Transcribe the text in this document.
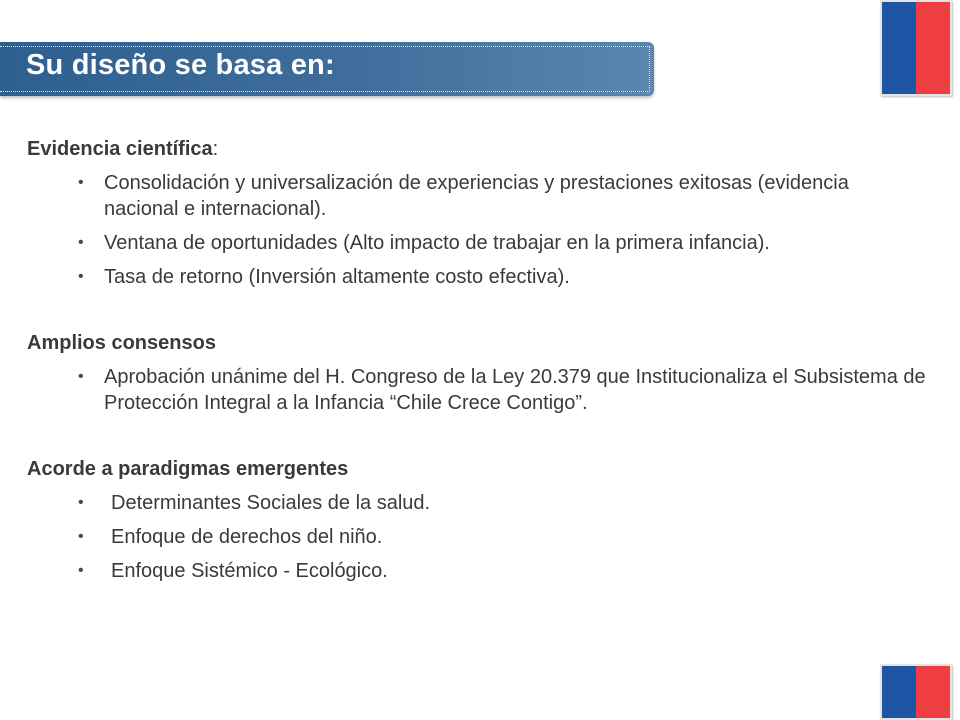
Su diseño se basa en:

Evidencia científica:

• Consolidación y universalización de experiencias y prestaciones exitosas (evidencia nacional e internacional).
• Ventana de oportunidades (Alto impacto de trabajar en la primera infancia).
• Tasa de retorno (Inversión altamente costo efectiva).

Amplios consensos

• Aprobación unánime del H. Congreso de la Ley 20.379 que Institucionaliza el Subsistema de Protección Integral a la Infancia “Chile Crece Contigo”.

Acorde a paradigmas emergentes

• Determinantes Sociales de la salud.
• Enfoque de derechos del niño.
• Enfoque Sistémico - Ecológico.
